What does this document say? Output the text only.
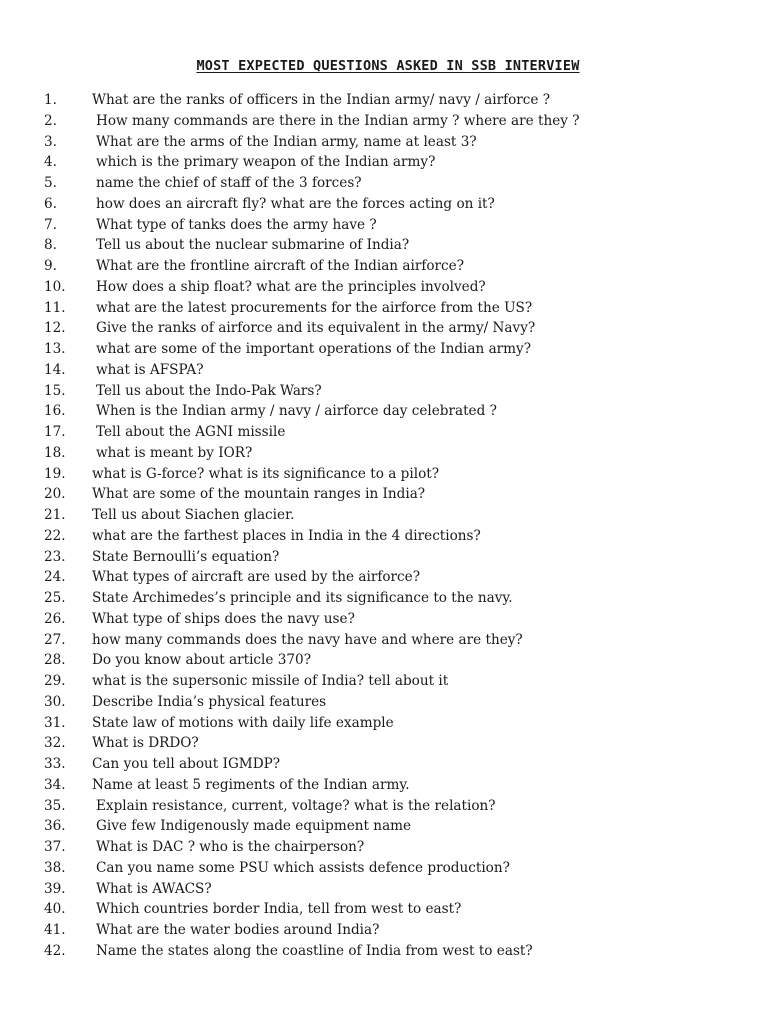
MOST EXPECTED QUESTIONS ASKED IN SSB INTERVIEW
1.	What are the ranks of officers in the Indian army/ navy / airforce ?
2.	How many commands are there in the Indian army ? where are they ?
3.	What are the arms of the Indian army, name at least 3?
4.	which is the primary weapon of the Indian army?
5.	name the chief of staff of the 3 forces?
6.	how does an aircraft fly? what are the forces acting on it?
7.	What type of tanks does the army have ?
8.	Tell us about the nuclear submarine of India?
9.	What are the frontline aircraft of the Indian airforce?
10. How does a ship float? what are the principles involved?
11. what are the latest procurements for the airforce from the US?
12. Give the ranks of airforce and its equivalent in the army/ Navy?
13. what are some of the important operations of the Indian army?
14. what is AFSPA?
15. Tell us about the Indo-Pak Wars?
16. When is the Indian army / navy / airforce day celebrated ?
17. Tell about the AGNI missile
18. what is meant by IOR?
19. what is G-force? what is its significance to a pilot?
20. What are some of the mountain ranges in India?
21. Tell us about Siachen glacier.
22. what are the farthest places in India in the 4 directions?
23. State Bernoulli’s equation?
24. What types of aircraft are used by the airforce?
25. State Archimedes’s principle and its significance to the navy.
26. What type of ships does the navy use?
27. how many commands does the navy have and where are they?
28. Do you know about article 370?
29. what is the supersonic missile of India? tell about it
30. Describe India’s physical features
31. State law of motions with daily life example
32. What is DRDO?
33. Can you tell about IGMDP?
34. Name at least 5 regiments of the Indian army.
35. Explain resistance, current, voltage? what is the relation?
36. Give few Indigenously made equipment name
37. What is DAC ? who is the chairperson?
38. Can you name some PSU which assists defence production?
39. What is AWACS?
40. Which countries border India, tell from west to east?
41. What are the water bodies around India?
42. Name the states along the coastline of India from west to east?
